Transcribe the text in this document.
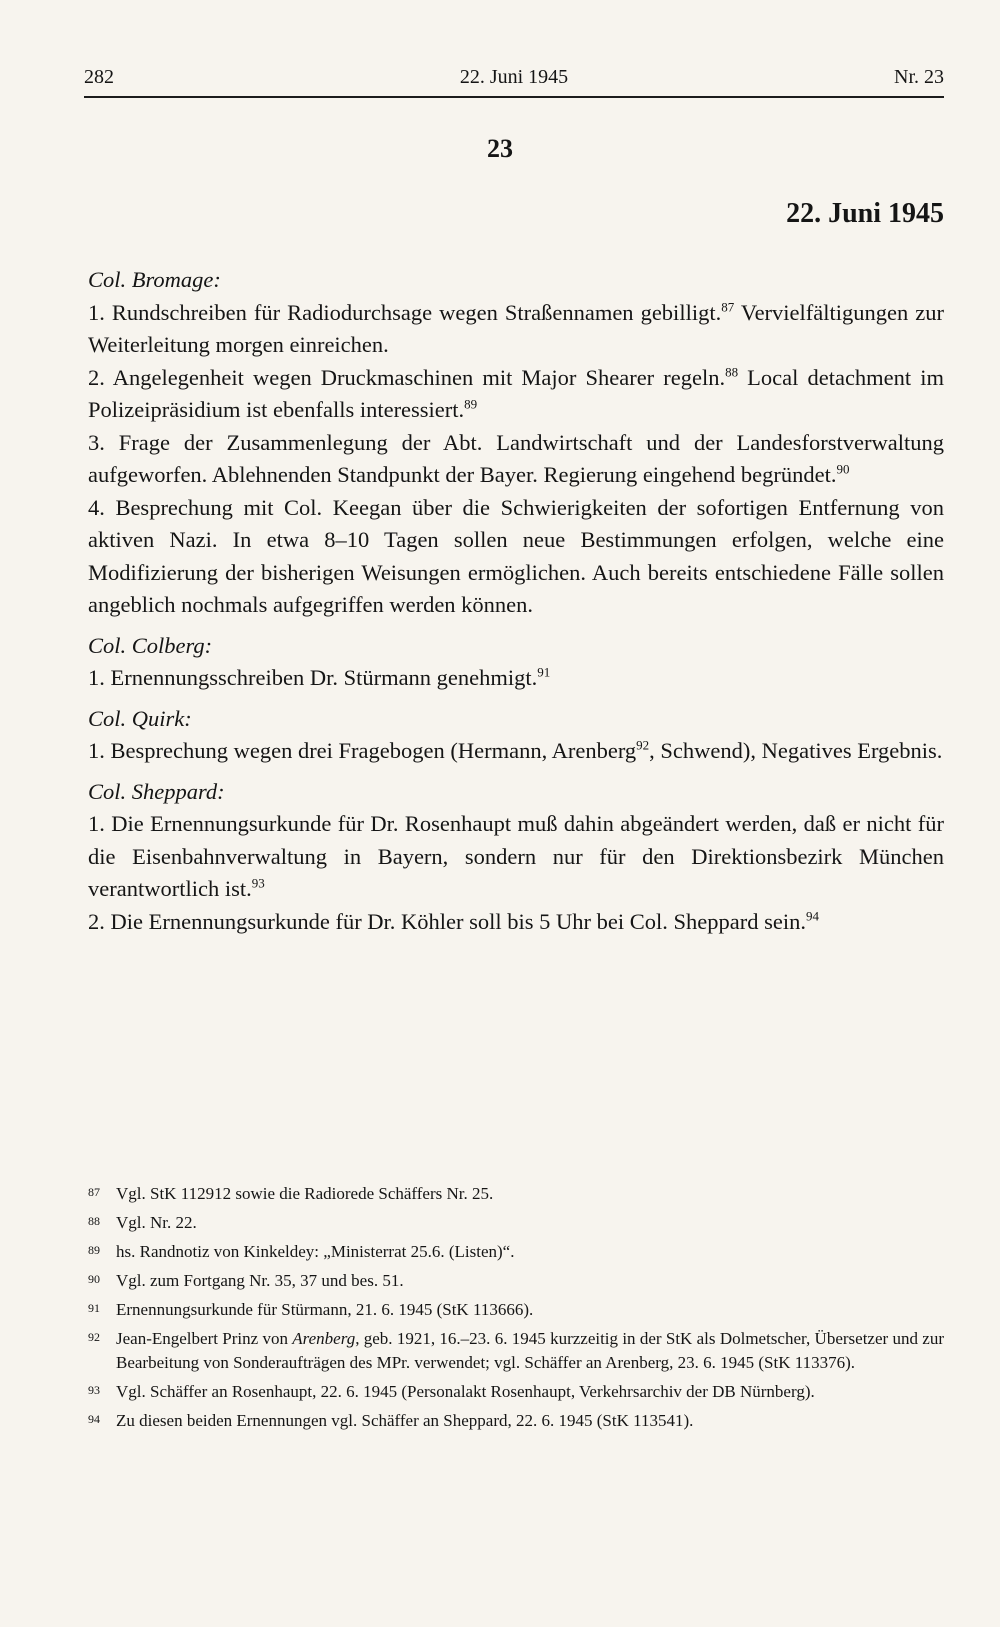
282	22. Juni 1945	Nr. 23
23
22. Juni 1945

Col. Bromage:

1. Rundschreiben für Radiodurchsage wegen Straßennamen gebilligt.$^{87}$ Vervielfältigungen zur Weiterleitung morgen einreichen.

2. Angelegenheit wegen Druckmaschinen mit Major Shearer regeln.$^{88}$ Local detachment im Polizeipräsidium ist ebenfalls interessiert.$^{89}$

3. Frage der Zusammenlegung der Abt. Landwirtschaft und der Landesforstverwaltung aufgeworfen. Ablehnenden Standpunkt der Bayer. Regierung eingehend begründet.$^{90}$

4. Besprechung mit Col. Keegan über die Schwierigkeiten der sofortigen Entfernung von aktiven Nazi. In etwa 8–10 Tagen sollen neue Bestimmungen erfolgen, welche eine Modifizierung der bisherigen Weisungen ermöglichen. Auch bereits entschiedene Fälle sollen angeblich nochmals aufgegriffen werden können.

Col. Colberg:

1. Ernennungsschreiben Dr. Stürmann genehmigt.$^{91}$

Col. Quirk:

1. Besprechung wegen drei Fragebogen (Hermann, Arenberg$^{92}$, Schwend), Negatives Ergebnis.

Col. Sheppard:

1. Die Ernennungsurkunde für Dr. Rosenhaupt muß dahin abgeändert werden, daß er nicht für die Eisenbahnverwaltung in Bayern, sondern nur für den Direktionsbezirk München verantwortlich ist.$^{93}$

2. Die Ernennungsurkunde für Dr. Köhler soll bis 5 Uhr bei Col. Sheppard sein.$^{94}$

87 Vgl. StK 112912 sowie die Radiorede Schäffers Nr. 25.
88 Vgl. Nr. 22.
89 hs. Randnotiz von Kinkeldey: „Ministerrat 25.6. (Listen)“.
90 Vgl. zum Fortgang Nr. 35, 37 und bes. 51.
91 Ernennungsurkunde für Stürmann, 21. 6. 1945 (StK 113666).
92 Jean-Engelbert Prinz von Arenberg, geb. 1921, 16.–23. 6. 1945 kurzzeitig in der StK als Dolmetscher, Übersetzer und zur Bearbeitung von Sonderaufträgen des MPr. verwendet; vgl. Schäffer an Arenberg, 23. 6. 1945 (StK 113376).
93 Vgl. Schäffer an Rosenhaupt, 22. 6. 1945 (Personalakt Rosenhaupt, Verkehrsarchiv der DB Nürnberg).
94 Zu diesen beiden Ernennungen vgl. Schäffer an Sheppard, 22. 6. 1945 (StK 113541).
